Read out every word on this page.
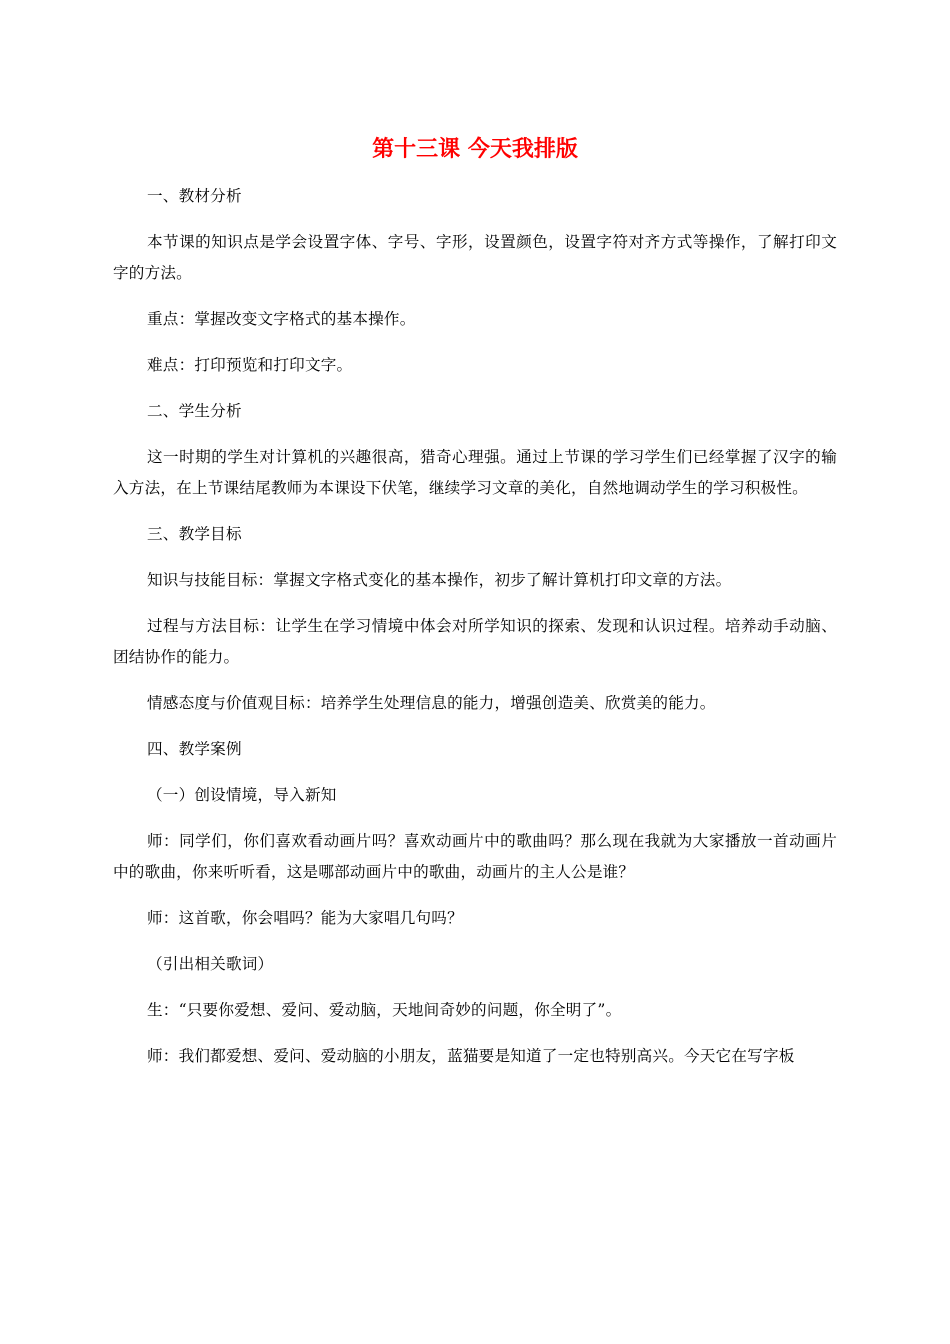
第十三课 今天我排版

一、教材分析

本节课的知识点是学会设置字体、字号、字形，设置颜色，设置字符对齐方式等操作，了解打印文字的方法。

重点：掌握改变文字格式的基本操作。

难点：打印预览和打印文字。

二、学生分析

这一时期的学生对计算机的兴趣很高，猎奇心理强。通过上节课的学习学生们已经掌握了汉字的输入方法，在上节课结尾教师为本课设下伏笔，继续学习文章的美化，自然地调动学生的学习积极性。

三、教学目标

知识与技能目标：掌握文字格式变化的基本操作，初步了解计算机打印文章的方法。

过程与方法目标：让学生在学习情境中体会对所学知识的探索、发现和认识过程。培养动手动脑、团结协作的能力。

情感态度与价值观目标：培养学生处理信息的能力，增强创造美、欣赏美的能力。

四、教学案例

（一）创设情境，导入新知

师：同学们，你们喜欢看动画片吗？喜欢动画片中的歌曲吗？那么现在我就为大家播放一首动画片中的歌曲，你来听听看，这是哪部动画片中的歌曲，动画片的主人公是谁？

师：这首歌，你会唱吗？能为大家唱几句吗？

（引出相关歌词）

生：“只要你爱想、爱问、爱动脑，天地间奇妙的问题，你全明了”。

师：我们都爱想、爱问、爱动脑的小朋友，蓝猫要是知道了一定也特别高兴。今天它在写字板
